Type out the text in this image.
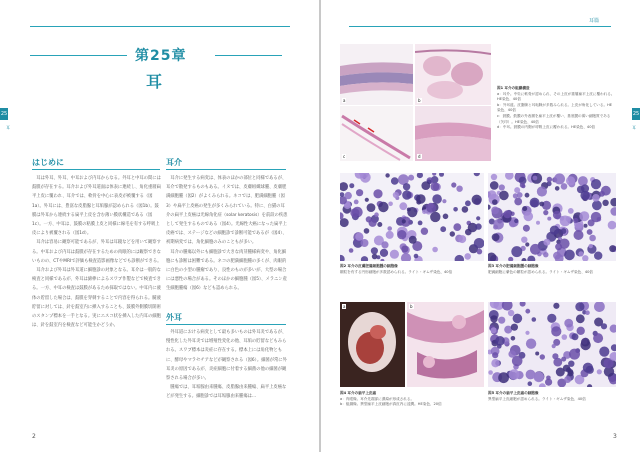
第25章
耳
25
耳
はじめに

耳は外耳、外耳、中耳および内耳からなる。外耳と中耳の間には鼓膜が存在する。耳介および外耳道面は体表に連続し、角化重層扁平上皮に覆われ、耳介では、軟骨を中心に表皮が被覆する（図1a）。外耳には、豊富な皮脂腺と耳垢腺が認められる（図1b）。鼓膜は外耳から連続する扁平上皮を含む薄い膜状構造である（図1c）。一方、中耳は、鼓膜の粘膜上皮と同様に線毛を有する呼吸上皮により被覆される（図1d）。

耳介は容易に観察可能であるが、外耳は耳鏡などを用いて観察する。中耳および内耳は鼓膜が存在するための肉眼的には観察できないものの、CTやMRIで評価も検査造影画像などでも診断ができる。

耳介および外耳は外耳道に細胞診の対象となる。耳介は一般的な検査と同様であるが、外耳は綿棒によるスワブ作製などで検査できる。一方、中耳の検査は鼓膜があるため採取ではない。中耳内に液体の貯留した場合は、鼓膜を穿刺することで内容を得られる。髄液貯留に対しては、針を鼓室内に挿入することも、鼓膜外側膜切開術のスタンプ標本を一手となる。実にエスコ状を挿入した内耳の細胞は、針を鼓室内を検査など可能生かどうか。

耳介

耳介に発生する病変は、体表のほかの部位と同様であるが、耳介で散発するものもある。イヌでは、皮膚組織球腫、皮膚肥満細胞腫（図2）がよくみられる。ネコでは、肥満細胞腫（図3）や扁平上皮癌の発生が多くみられている。特に、白猫の耳介の扁平上皮癌は光線角化症（solar keratosis）を前段の疾患として発生するものである（図4）。光線性大癌になった扁平上皮癌では、ステージなどの細胞診で診断可能であるが（図4）、初期病変では、角化細胞のみのこともが多い。

耳介の腫瘍以外にも細胞診で大きな肉芽腫様病変や、角化細胞にも診断は困難である。ネコの肥満細胞腫の多くが、肉眼的に白色の小型の腫瘤であり、良性のものが多いが、大型の場合には悪性の場合がある。そのほかの細胞腫（図5）、メラニン産生細胞腫瘍（図6）なども認められる。

外耳

外耳道における病変として最も多いものは外耳炎であるが、慢性化した外耳炎では増殖性変化の他、耳垢の貯留などもみられる。スワブ標本は炎症に存在する。標本上には角化物ともに、酵母やマラセチアなどが観察される（図6）。細菌が常に外耳炎の原因であるが、炎症細胞に付着する細菌の他の細菌が観察される場合が多い。

腫瘍では、耳垢腺由来腫瘍、皮脂腺由来腫瘍、扁平上皮癌などが発生する。細胞診では耳垢腺由来腫瘍は…

2
耳篇
25
耳
a	b
c	d
図1 耳介の組織構造
a：耳介。中央に軟骨が認められ、その上皮が重層扁平上皮に覆われる。HE染色、40倍
b：外耳道。皮脂腺と耳垢腺が多数みられる。上皮が角化している。HE染色、40倍
c：鼓膜。鼓膜の外表層を扁平上皮が覆い、基底膜の薄い細胞質である（矢印）。HE染色、40倍
d：中耳。鼓膜の内側が呼吸上皮に覆われる。HE染色、40倍
図2 耳介の皮膚肥満細胞腫の細胞像
顆粒を有する円形細胞が多数認められる。ライト・ギムザ染色、40倍
図3 耳介の肥満細胞腫の細胞像
肥満細胞に紫色の顆粒が認められる。ライト・ギムザ染色、40倍
a	b
図4 耳介の扁平上皮癌
a：肉眼像。耳介先端部に潰瘍が形成される。
b：組織像。異型扁平上皮細胞が真皮内に浸潤。HE染色、20倍
図5 耳介の扁平上皮癌の細胞像
異型扁平上皮細胞が認められる。ライト・ギムザ染色、40倍
3
